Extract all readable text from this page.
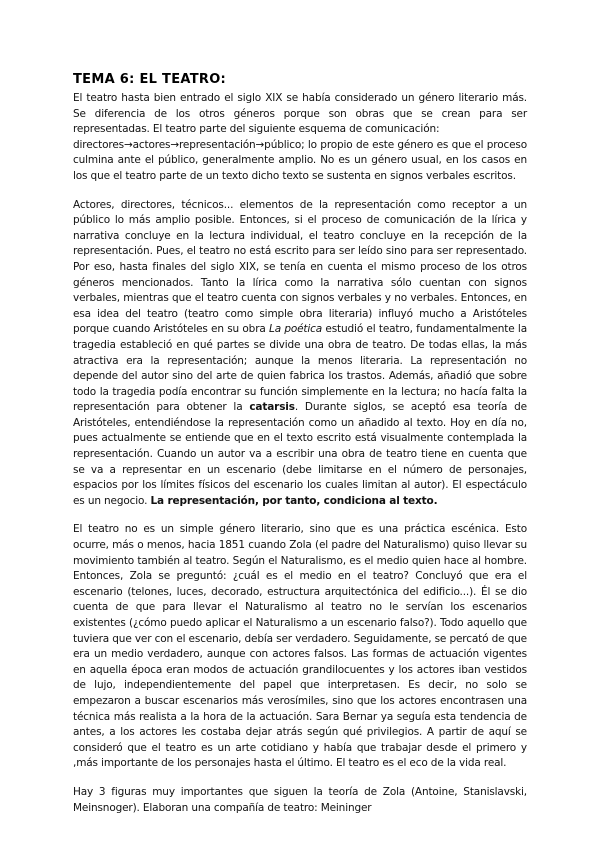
TEMA 6: EL TEATRO:

El teatro hasta bien entrado el siglo XIX se había considerado un género literario más. Se diferencia de los otros géneros porque son obras que se crean para ser representadas. El teatro parte del siguiente esquema de comunicación:
directores→actores→representación→público; lo propio de este género es que el proceso culmina ante el público, generalmente amplio. No es un género usual, en los casos en los que el teatro parte de un texto dicho texto se sustenta en signos verbales escritos.

Actores, directores, técnicos... elementos de la representación como receptor a un público lo más amplio posible. Entonces, si el proceso de comunicación de la lírica y narrativa concluye en la lectura individual, el teatro concluye en la recepción de la representación. Pues, el teatro no está escrito para ser leído sino para ser representado. Por eso, hasta finales del siglo XIX, se tenía en cuenta el mismo proceso de los otros géneros mencionados. Tanto la lírica como la narrativa sólo cuentan con signos verbales, mientras que el teatro cuenta con signos verbales y no verbales. Entonces, en esa idea del teatro (teatro como simple obra literaria) influyó mucho a Aristóteles porque cuando Aristóteles en su obra La poética estudió el teatro, fundamentalmente la tragedia estableció en qué partes se divide una obra de teatro. De todas ellas, la más atractiva era la representación; aunque la menos literaria. La representación no depende del autor sino del arte de quien fabrica los trastos. Además, añadió que sobre todo la tragedia podía encontrar su función simplemente en la lectura; no hacía falta la representación para obtener la catarsis. Durante siglos, se aceptó esa teoría de Aristóteles, entendiéndose la representación como un añadido al texto. Hoy en día no, pues actualmente se entiende que en el texto escrito está visualmente contemplada la representación. Cuando un autor va a escribir una obra de teatro tiene en cuenta que se va a representar en un escenario (debe limitarse en el número de personajes, espacios por los límites físicos del escenario los cuales limitan al autor). El espectáculo es un negocio. La representación, por tanto, condiciona al texto.

El teatro no es un simple género literario, sino que es una práctica escénica. Esto ocurre, más o menos, hacia 1851 cuando Zola (el padre del Naturalismo) quiso llevar su movimiento también al teatro. Según el Naturalismo, es el medio quien hace al hombre. Entonces, Zola se preguntó: ¿cuál es el medio en el teatro? Concluyó que era el escenario (telones, luces, decorado, estructura arquitectónica del edificio...). Él se dio cuenta de que para llevar el Naturalismo al teatro no le servían los escenarios existentes (¿cómo puedo aplicar el Naturalismo a un escenario falso?). Todo aquello que tuviera que ver con el escenario, debía ser verdadero. Seguidamente, se percató de que era un medio verdadero, aunque con actores falsos. Las formas de actuación vigentes en aquella época eran modos de actuación grandilocuentes y los actores iban vestidos de lujo, independientemente del papel que interpretasen. Es decir, no solo se empezaron a buscar escenarios más verosímiles, sino que los actores encontrasen una técnica más realista a la hora de la actuación. Sara Bernar ya seguía esta tendencia de antes, a los actores les costaba dejar atrás según qué privilegios. A partir de aquí se consideró que el teatro es un arte cotidiano y había que trabajar desde el primero y ,más importante de los personajes hasta el último. El teatro es el eco de la vida real.

Hay 3 figuras muy importantes que siguen la teoría de Zola (Antoine, Stanislavski, Meinsnoger). Elaboran una compañía de teatro: Meininger
